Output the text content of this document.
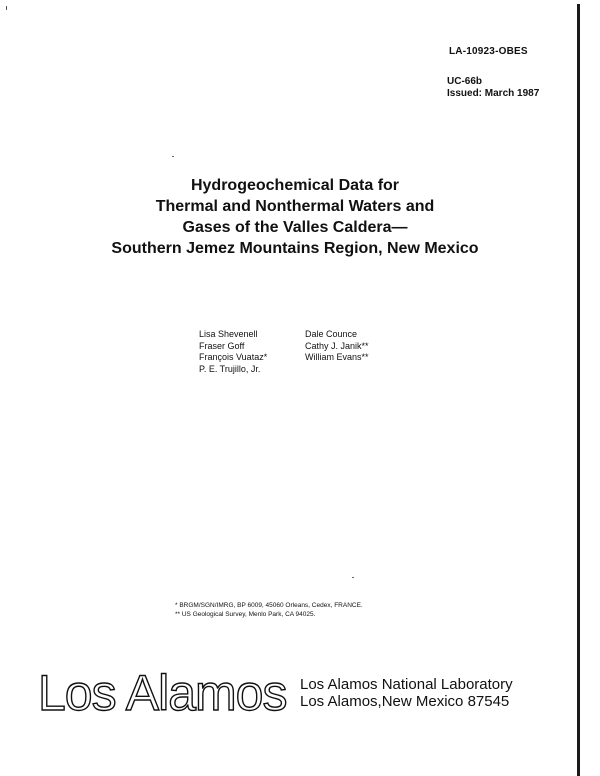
LA-10923-OBES
UC-66b
Issued: March 1987
Hydrogeochemical Data for
Thermal and Nonthermal Waters and
Gases of the Valles Caldera—
Southern Jemez Mountains Region, New Mexico
Lisa Shevenell
Fraser Goff
François Vuataz*
P. E. Trujillo, Jr.
Dale Counce
Cathy J. Janik**
William Evans**
* BRGM/SGN/IMRG, BP 6009, 45060 Orleans, Cedex, FRANCE.
** US Geological Survey, Menlo Park, CA 94025.
Los Alamos Los Alamos National Laboratory
Los Alamos,New Mexico 87545
